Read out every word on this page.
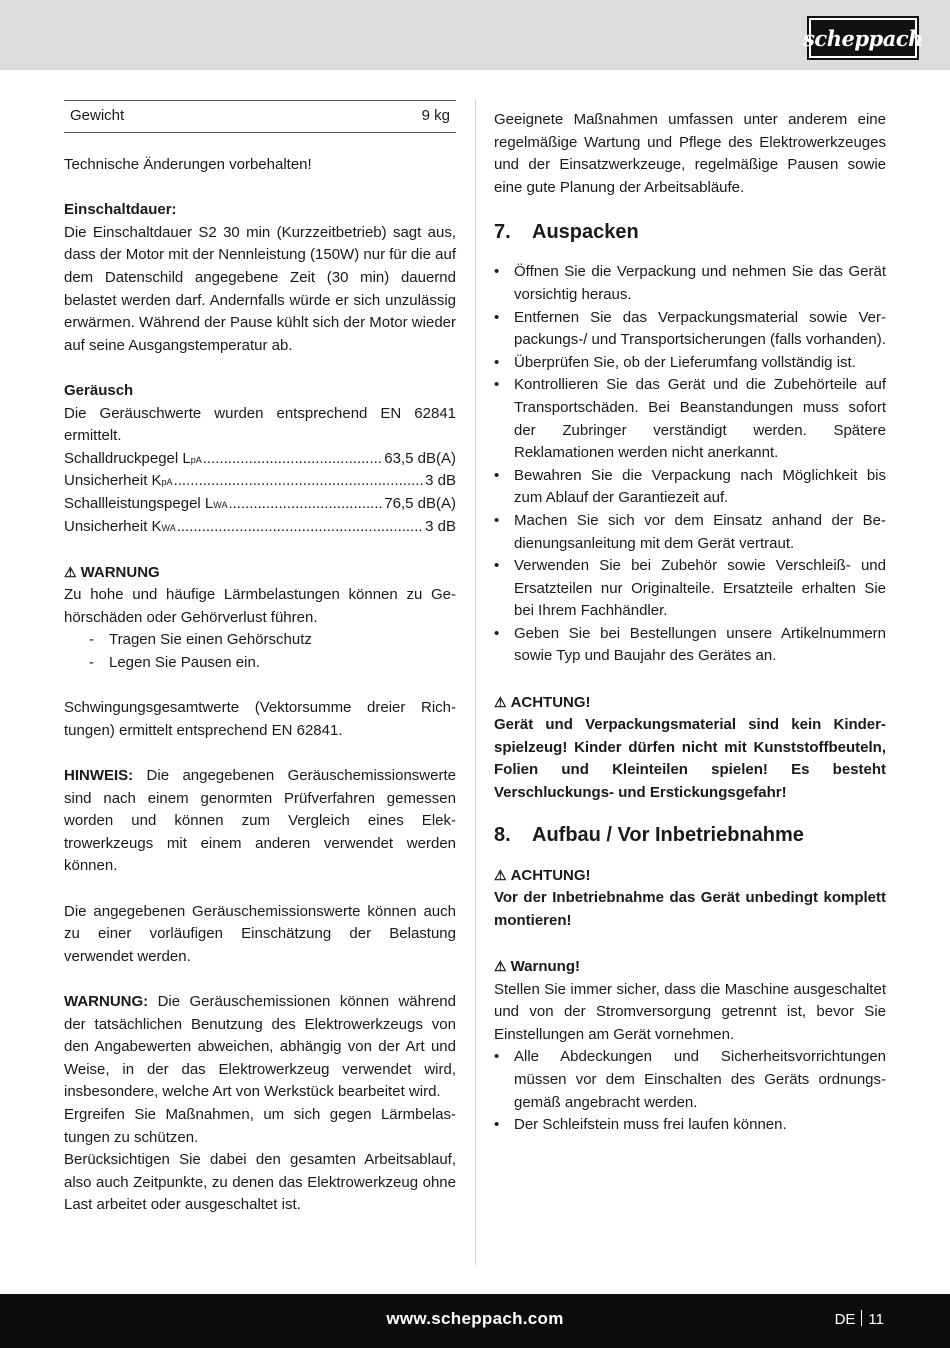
scheppach
Gewicht	9 kg

Technische Änderungen vorbehalten!

Einschaltdauer:

Die Einschaltdauer S2 30 min (Kurzzeitbetrieb) sagt aus, dass der Motor mit der Nennleistung (150W) nur für die auf dem Datenschild angegebene Zeit (30 min) dauernd belastet werden darf. Andernfalls würde er sich unzulässig erwärmen. Während der Pause kühlt sich der Motor wieder auf seine Ausgangstemperatur ab.

Geräusch

Die Geräuschwerte wurden entsprechend EN 62841 ermittelt.

Schalldruckpegel L pA .....	63,5 dB(A)
Unsicherheit K pA .....	3 dB
Schallleistungspegel L WA .....	76,5 dB(A)
Unsicherheit K WA .....	3 dB

⚠ WARNUNG

Zu hohe und häufige Lärmbelastungen können zu Gehörschäden oder Gehörverlust führen.

-	Tragen Sie einen Gehörschutz
-	Legen Sie Pausen ein.

Schwingungsgesamtwerte (Vektorsumme dreier Richtungen) ermittelt entsprechend EN 62841.

HINWEIS: Die angegebenen Geräuschemissionswerte sind nach einem genormten Prüfverfahren gemessen worden und können zum Vergleich eines Elektrowerkzeugs mit einem anderen verwendet werden können.

Die angegebenen Geräuschemissionswerte können auch zu einer vorläufigen Einschätzung der Belastung verwendet werden.

WARNUNG: Die Geräuschemissionen können während der tatsächlichen Benutzung des Elektrowerkzeugs von den Angabewerten abweichen, abhängig von der Art und Weise, in der das Elektrowerkzeug verwendet wird, insbesondere, welche Art von Werkstück bearbeitet wird.

Ergreifen Sie Maßnahmen, um sich gegen Lärmbelastungen zu schützen.

Berücksichtigen Sie dabei den gesamten Arbeitsablauf, also auch Zeitpunkte, zu denen das Elektrowerkzeug ohne Last arbeitet oder ausgeschaltet ist.

Geeignete Maßnahmen umfassen unter anderem eine regelmäßige Wartung und Pflege des Elektrowerkzeuges und der Einsatzwerkzeuge, regelmäßige Pausen sowie eine gute Planung der Arbeitsabläufe.

7.	Auspacken
• Öffnen Sie die Verpackung und nehmen Sie das Gerät vorsichtig heraus.
• Entfernen Sie das Verpackungsmaterial sowie Verpackungs-/ und Transportsicherungen (falls vorhanden).
• Überprüfen Sie, ob der Lieferumfang vollständig ist.
• Kontrollieren Sie das Gerät und die Zubehörteile auf Transportschäden. Bei Beanstandungen muss sofort der Zubringer verständigt werden. Spätere Reklamationen werden nicht anerkannt.
• Bewahren Sie die Verpackung nach Möglichkeit bis zum Ablauf der Garantiezeit auf.
• Machen Sie sich vor dem Einsatz anhand der Bedienungsanleitung mit dem Gerät vertraut.
• Verwenden Sie bei Zubehör sowie Verschleiß- und Ersatzteilen nur Originalteile. Ersatzteile erhalten Sie bei Ihrem Fachhändler.
• Geben Sie bei Bestellungen unsere Artikelnummern sowie Typ und Baujahr des Gerätes an.

⚠ ACHTUNG!

Gerät und Verpackungsmaterial sind kein Kinderspielzeug! Kinder dürfen nicht mit Kunststoffbeuteln, Folien und Kleinteilen spielen! Es besteht Verschluckungs- und Erstickungsgefahr!

8.	Aufbau / Vor Inbetriebnahme

⚠ ACHTUNG!

Vor der Inbetriebnahme das Gerät unbedingt komplett montieren!

⚠ Warnung!

Stellen Sie immer sicher, dass die Maschine ausgeschaltet und von der Stromversorgung getrennt ist, bevor Sie Einstellungen am Gerät vornehmen.

• Alle Abdeckungen und Sicherheitsvorrichtungen müssen vor dem Einschalten des Geräts ordnungsgemäß angebracht werden.
• Der Schleifstein muss frei laufen können.
www.scheppach.com	DE 11
